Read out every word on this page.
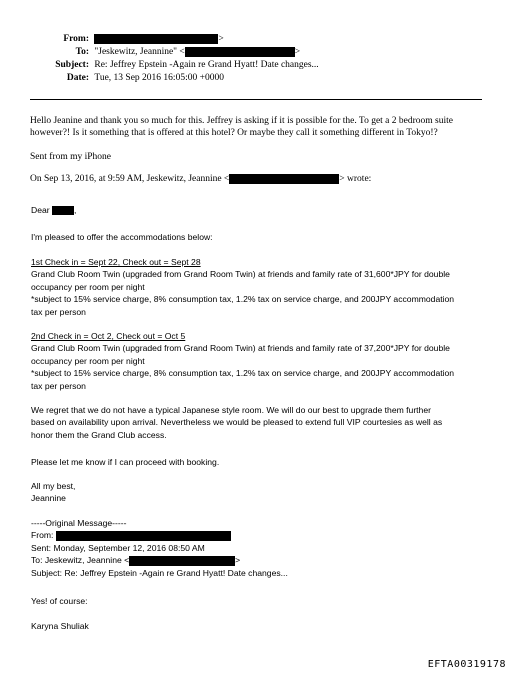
From:	>
To: "Jeskewitz, Jeannine" <	>
Subject: Re: Jeffrey Epstein -Again re Grand Hyatt! Date changes...
Date: Tue, 13 Sep 2016 16:05:00 +0000
Hello Jeanine and thank you so much for this. Jeffrey is asking if it is possible for the. To get a 2 bedroom suite
however?! Is it something that is offered at this hotel? Or maybe they call it something different in Tokyo!?
Sent from my iPhone
On Sep 13, 2016, at 9:59 AM, Jeskewitz, Jeannine <	> wrote:
Dear	,
I'm pleased to offer the accommodations below:
1st Check in = Sept 22, Check out = Sept 28
Grand Club Room Twin (upgraded from Grand Room Twin) at friends and family rate of 31,600*JPY for double
occupancy per room per night
*subject to 15% service charge, 8% consumption tax, 1.2% tax on service charge, and 200JPY accommodation
tax per person
2nd Check in = Oct 2, Check out = Oct 5
Grand Club Room Twin (upgraded from Grand Room Twin) at friends and family rate of 37,200*JPY for double
occupancy per room per night
*subject to 15% service charge, 8% consumption tax, 1.2% tax on service charge, and 200JPY accommodation
tax per person
We regret that we do not have a typical Japanese style room. We will do our best to upgrade them further
based on availability upon arrival. Nevertheless we would be pleased to extend full VIP courtesies as well as
honor them the Grand Club access.
Please let me know if I can proceed with booking.
All my best,
Jeannine
-----Original Message-----
From:
Sent: Monday, September 12, 2016 08:50 AM
To: Jeskewitz, Jeannine <	>
Subject: Re: Jeffrey Epstein -Again re Grand Hyatt! Date changes...
Yes! of course:
Karyna Shuliak
EFTA00319178
